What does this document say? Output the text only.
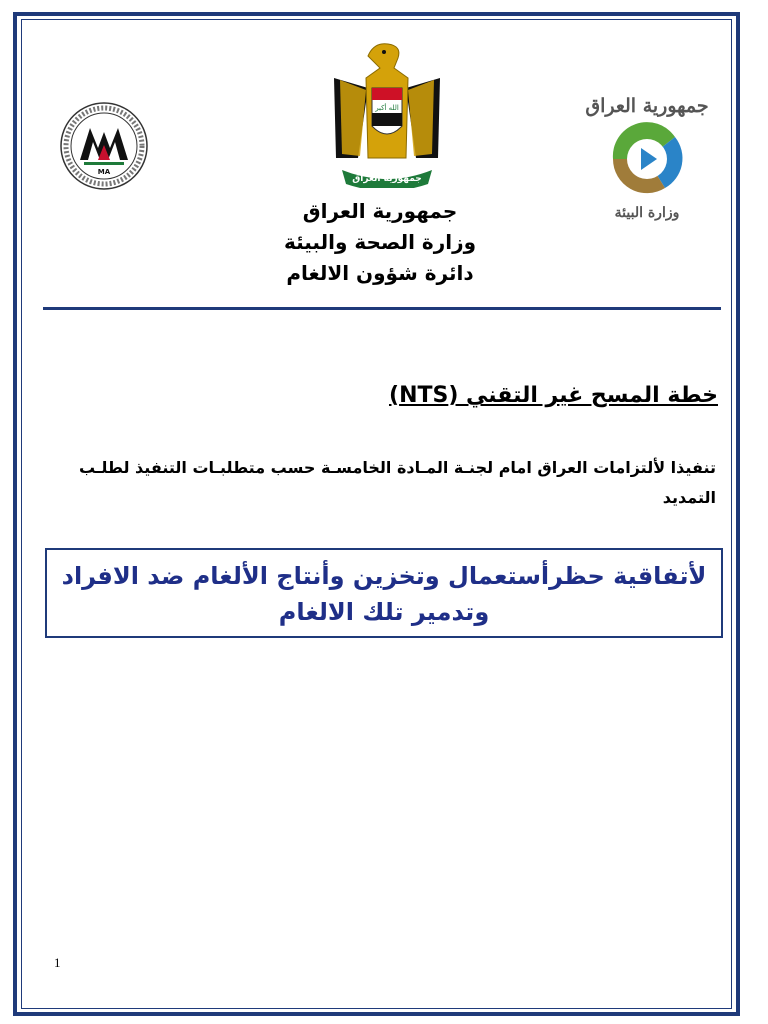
MA
الله أكبر
جمهورية العراق
جمهورية العراق
وزارة البيئة
جمهورية العراق
وزارة الصحة والبيئة
دائرة شؤون الالغام
خطة المسح غير التقني (NTS)
تنفيذا لألتزامات العراق امام لجنـة المـادة الخامسـة حسب متطلبـات التنفيذ لطلـب التمديد
لأتفاقية حظرأستعمال وتخزين وأنتاج الألغام ضد الافراد
وتدمير تلك الالغام
1
